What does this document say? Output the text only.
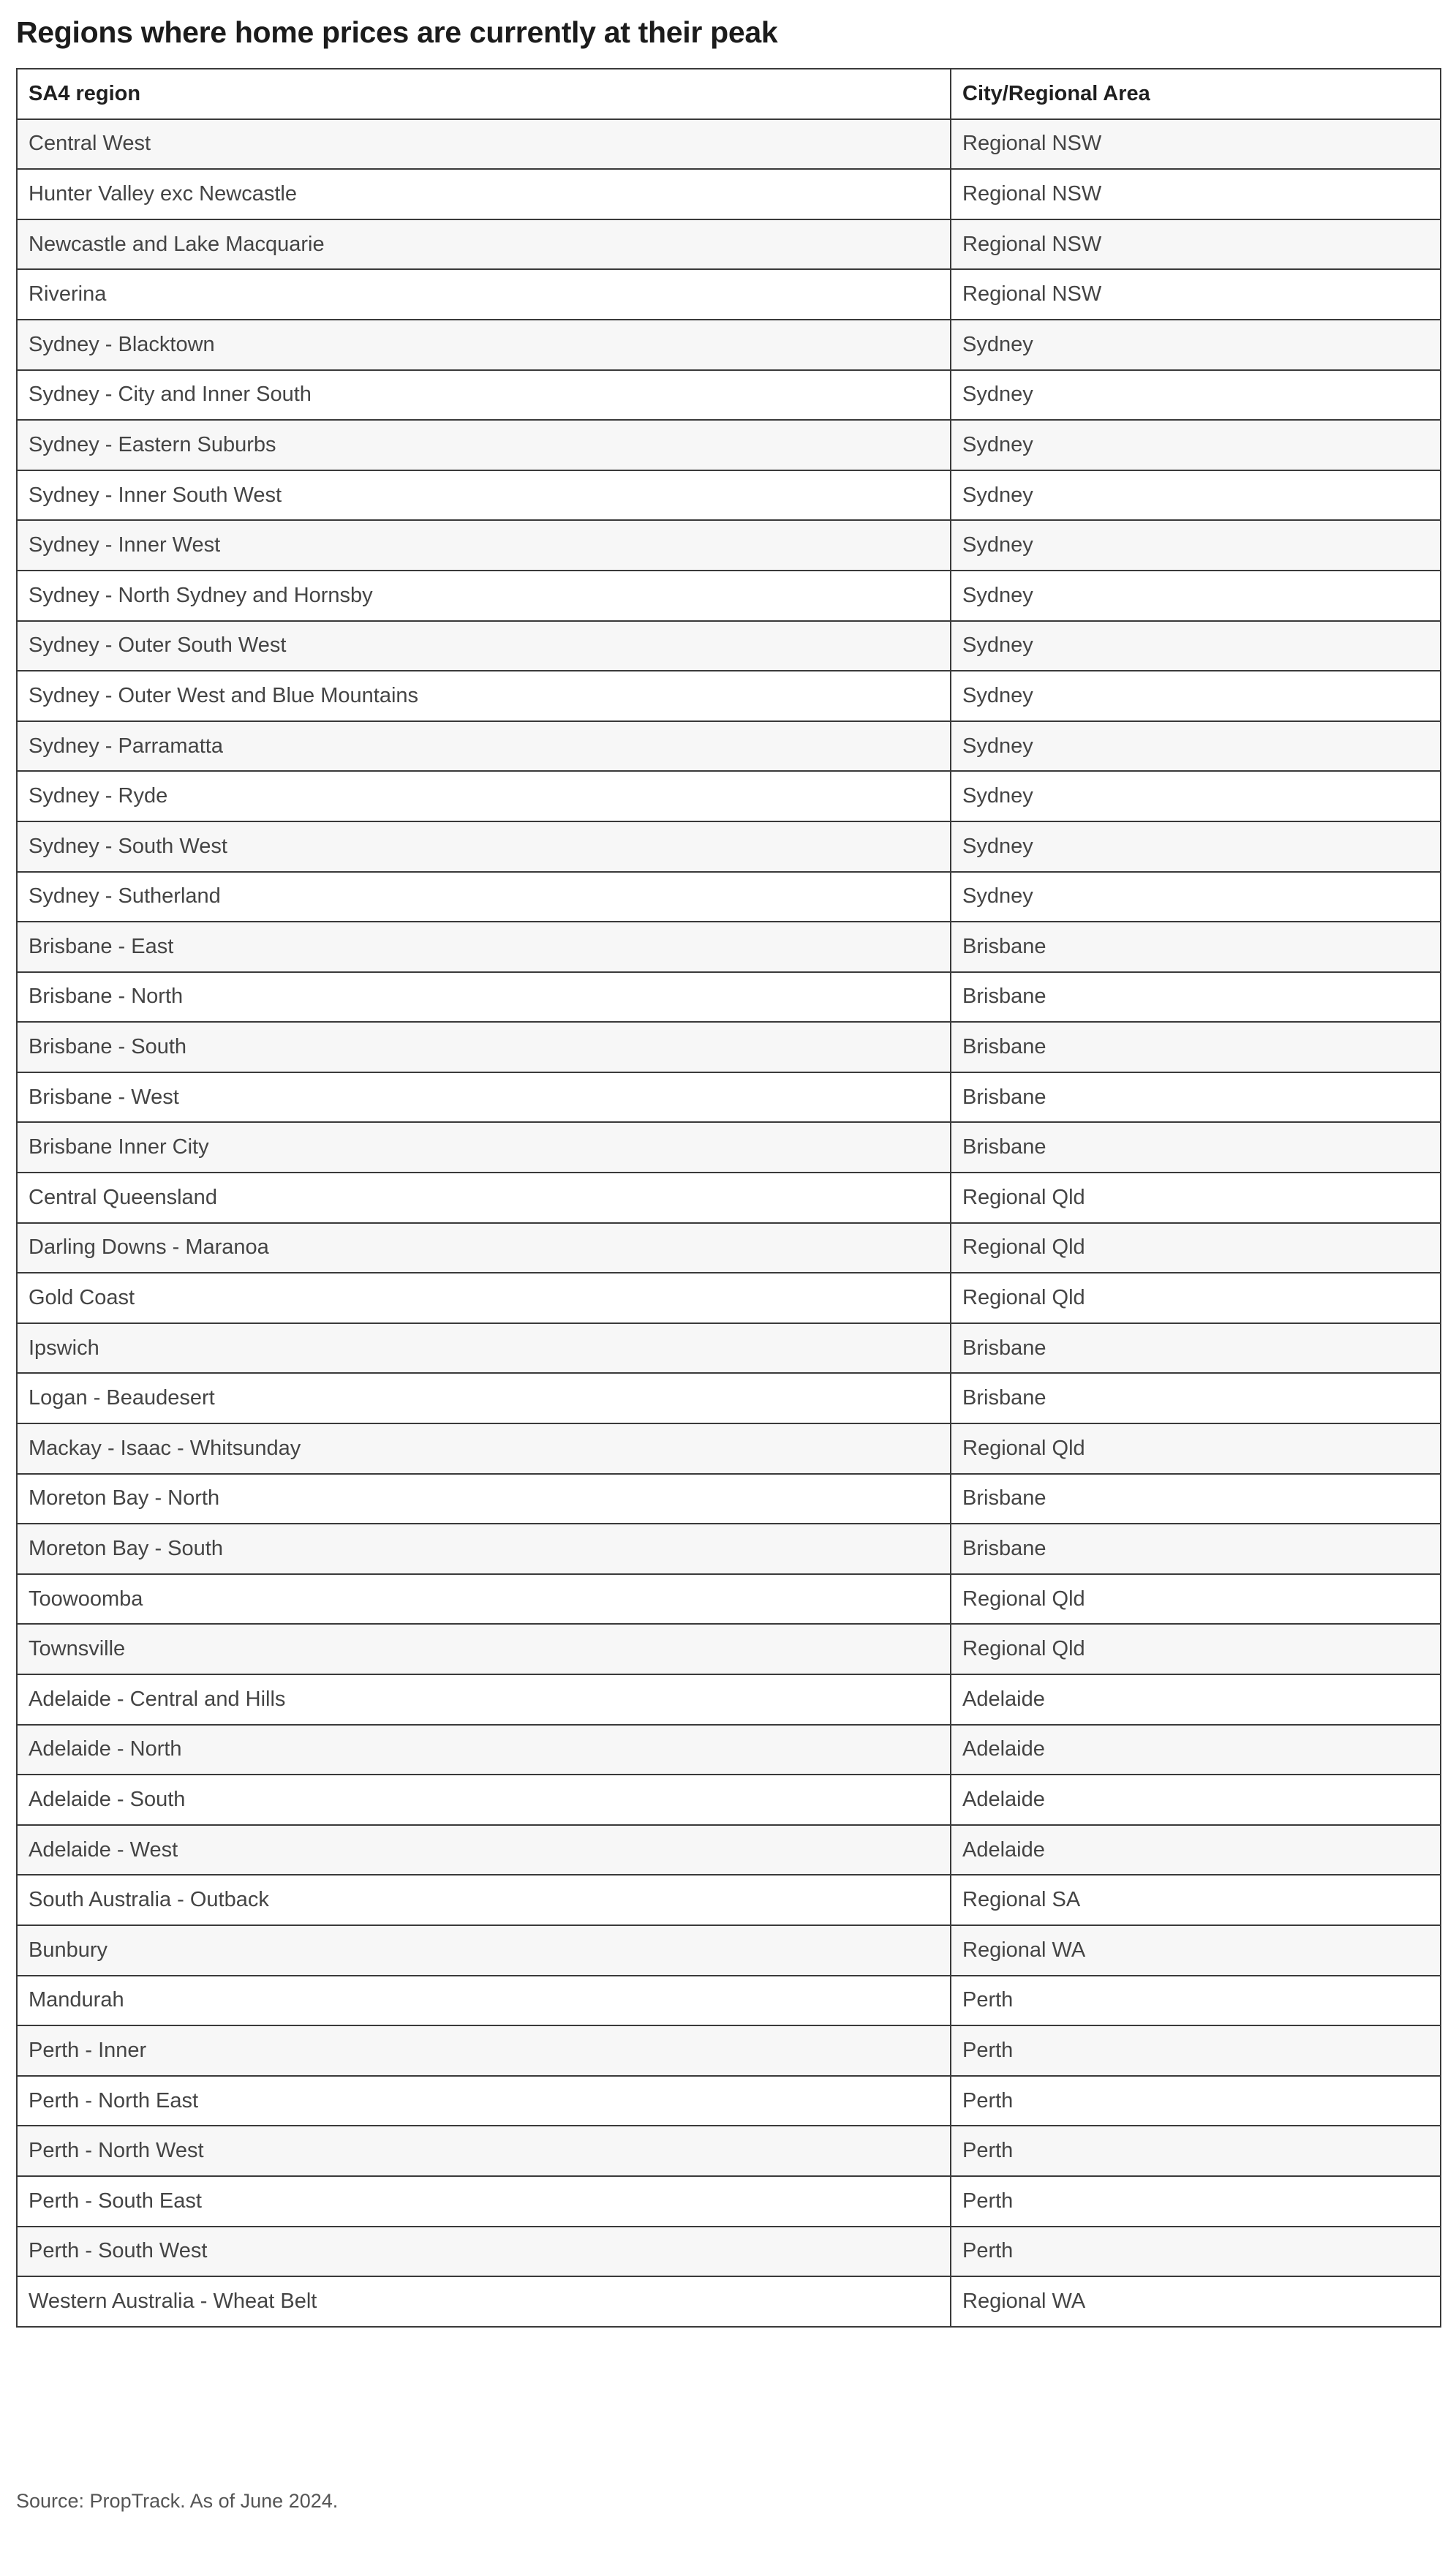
Regions where home prices are currently at their peak
SA4 region	City/Regional Area
Central West	Regional NSW
Hunter Valley exc Newcastle	Regional NSW
Newcastle and Lake Macquarie	Regional NSW
Riverina	Regional NSW
Sydney - Blacktown	Sydney
Sydney - City and Inner South	Sydney
Sydney - Eastern Suburbs	Sydney
Sydney - Inner South West	Sydney
Sydney - Inner West	Sydney
Sydney - North Sydney and Hornsby	Sydney
Sydney - Outer South West	Sydney
Sydney - Outer West and Blue Mountains	Sydney
Sydney - Parramatta	Sydney
Sydney - Ryde	Sydney
Sydney - South West	Sydney
Sydney - Sutherland	Sydney
Brisbane - East	Brisbane
Brisbane - North	Brisbane
Brisbane - South	Brisbane
Brisbane - West	Brisbane
Brisbane Inner City	Brisbane
Central Queensland	Regional Qld
Darling Downs - Maranoa	Regional Qld
Gold Coast	Regional Qld
Ipswich	Brisbane
Logan - Beaudesert	Brisbane
Mackay - Isaac - Whitsunday	Regional Qld
Moreton Bay - North	Brisbane
Moreton Bay - South	Brisbane
Toowoomba	Regional Qld
Townsville	Regional Qld
Adelaide - Central and Hills	Adelaide
Adelaide - North	Adelaide
Adelaide - South	Adelaide
Adelaide - West	Adelaide
South Australia - Outback	Regional SA
Bunbury	Regional WA
Mandurah	Perth
Perth - Inner	Perth
Perth - North East	Perth
Perth - North West	Perth
Perth - South East	Perth
Perth - South West	Perth
Western Australia - Wheat Belt	Regional WA

Source: PropTrack. As of June 2024.
